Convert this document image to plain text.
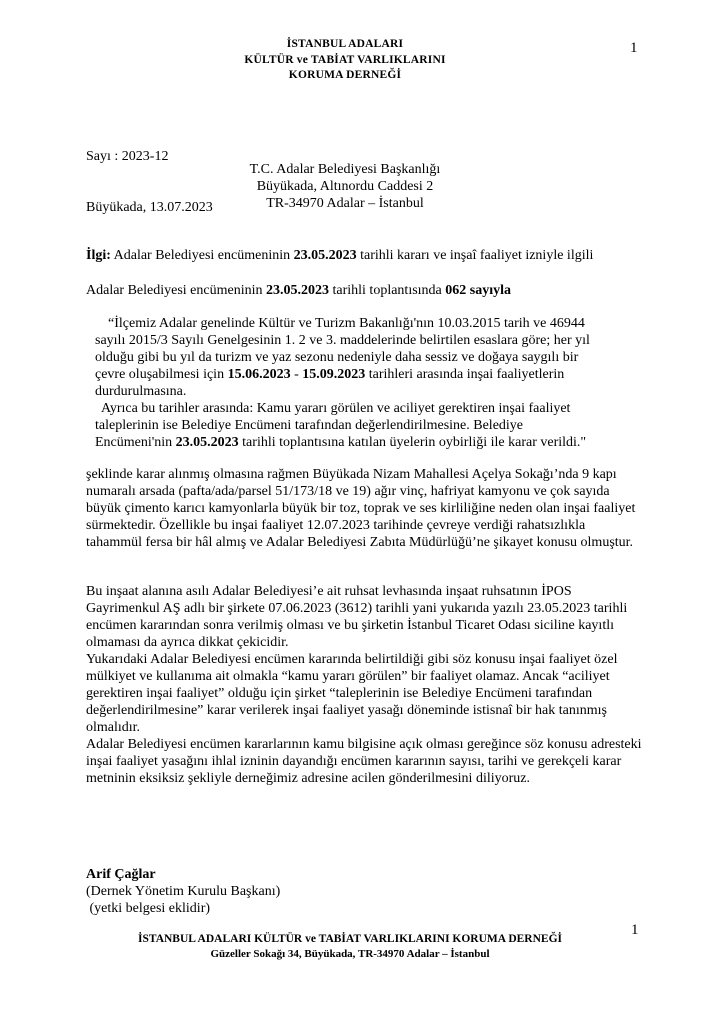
1
İSTANBUL ADALARI
KÜLTÜR ve TABİAT VARLIKLARINI
KORUMA DERNEĞİ

Sayı : 2023-12

Büyükada, 13.07.2023

T.C. Adalar Belediyesi Başkanlığı
Büyükada, Altınordu Caddesi 2
TR-34970 Adalar – İstanbul
İlgi: Adalar Belediyesi encümeninin 23.05.2023 tarihli kararı ve inşaî faaliyet izniyle ilgili
Adalar Belediyesi encümeninin 23.05.2023 tarihli toplantısında 062 sayıyla

“İlçemiz Adalar genelinde Kültür ve Turizm Bakanlığı'nın 10.03.2015 tarih ve 46944 sayılı 2015/3 Sayılı Genelgesinin 1. 2 ve 3. maddelerinde belirtilen esaslara göre; her yıl olduğu gibi bu yıl da turizm ve yaz sezonu nedeniyle daha sessiz ve doğaya saygılı bir çevre oluşabilmesi için 15.06.2023 - 15.09.2023 tarihleri arasında inşai faaliyetlerin durdurulmasına.

Ayrıca bu tarihler arasında: Kamu yararı görülen ve aciliyet gerektiren inşai faaliyet taleplerinin ise Belediye Encümeni tarafından değerlendirilmesine. Belediye Encümeni'nin 23.05.2023 tarihli toplantısına katılan üyelerin oybirliği ile karar verildi."

şeklinde karar alınmış olmasına rağmen Büyükada Nizam Mahallesi Açelya Sokağı’nda 9 kapı numaralı arsada (pafta/ada/parsel 51/173/18 ve 19) ağır vinç, hafriyat kamyonu ve çok sayıda büyük çimento karıcı kamyonlarla büyük bir toz, toprak ve ses kirliliğine neden olan inşai faaliyet sürmektedir. Özellikle bu inşai faaliyet 12.07.2023 tarihinde çevreye verdiği rahatsızlıkla tahammül fersa bir hâl almış ve Adalar Belediyesi Zabıta Müdürlüğü’ne şikayet konusu olmuştur.

Bu inşaat alanına asılı Adalar Belediyesi’e ait ruhsat levhasında inşaat ruhsatının İPOS Gayrimenkul AŞ adlı bir şirkete 07.06.2023 (3612) tarihli yani yukarıda yazılı 23.05.2023 tarihli encümen kararından sonra verilmiş olması ve bu şirketin İstanbul Ticaret Odası siciline kayıtlı olmaması da ayrıca dikkat çekicidir.

Yukarıdaki Adalar Belediyesi encümen kararında belirtildiği gibi söz konusu inşai faaliyet özel mülkiyet ve kullanıma ait olmakla “kamu yararı görülen” bir faaliyet olamaz. Ancak “aciliyet gerektiren inşai faaliyet” olduğu için şirket “taleplerinin ise Belediye Encümeni tarafından değerlendirilmesine” karar verilerek inşai faaliyet yasağı döneminde istisnaî bir hak tanınmış olmalıdır.

Adalar Belediyesi encümen kararlarının kamu bilgisine açık olması gereğince söz konusu adresteki inşai faaliyet yasağını ihlal izninin dayandığı encümen kararının sayısı, tarihi ve gerekçeli karar metninin eksiksiz şekliyle derneğimiz adresine acilen gönderilmesini diliyoruz.

Arif Çağlar
(Dernek Yönetim Kurulu Başkanı)
(yetki belgesi eklidir)
1
İSTANBUL ADALARI KÜLTÜR ve TABİAT VARLIKLARINI KORUMA DERNEĞİ
Güzeller Sokağı 34, Büyükada, TR-34970 Adalar – İstanbul
